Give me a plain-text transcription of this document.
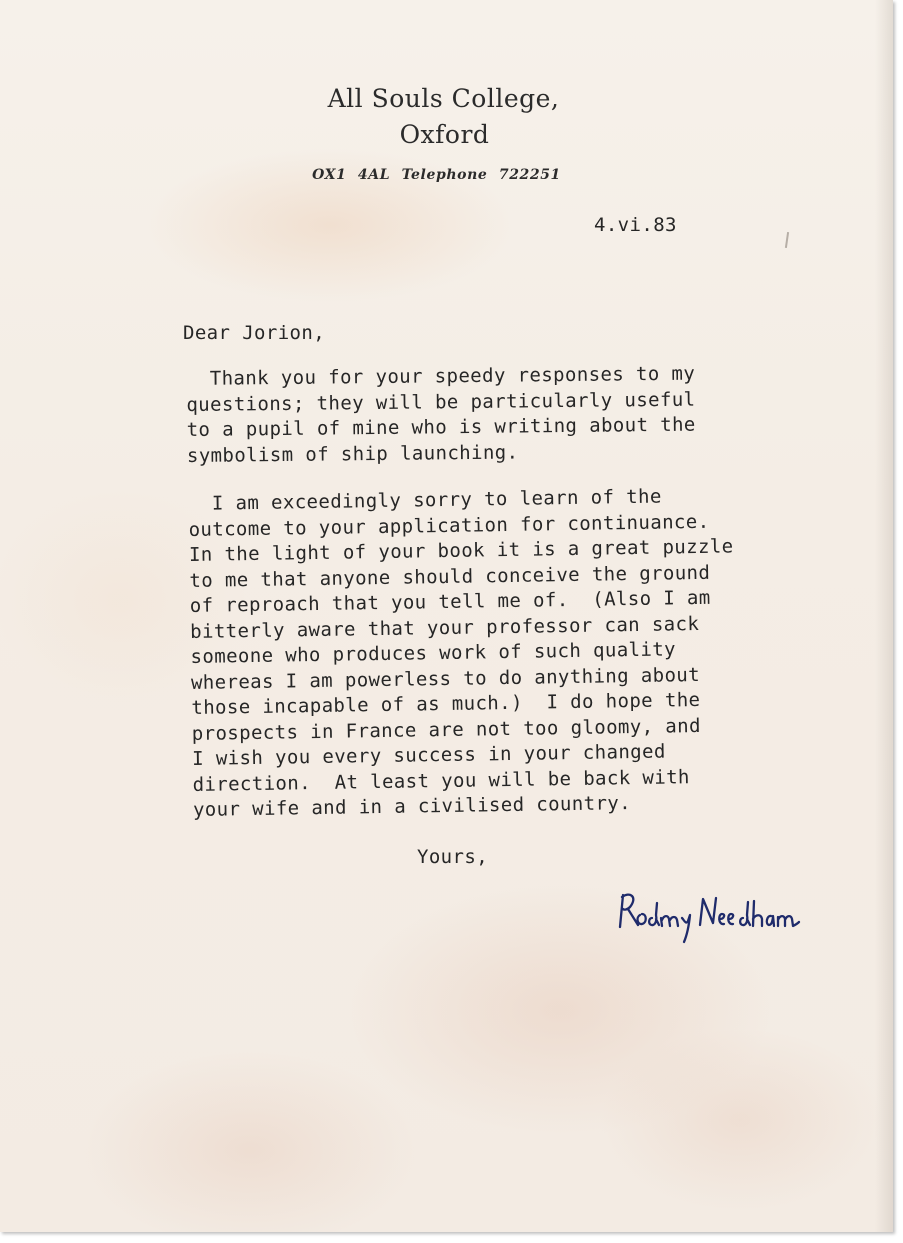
All Souls College,
Oxford
OX1 4AL Telephone 722251
4.vi.83
Dear Jorion,
Thank you for your speedy responses to my
questions; they will be particularly useful
to a pupil of mine who is writing about the
symbolism of ship launching.
I am exceedingly sorry to learn of the
outcome to your application for continuance.
In the light of your book it is a great puzzle
to me that anyone should conceive the ground
of reproach that you tell me of.  (Also I am
bitterly aware that your professor can sack
someone who produces work of such quality
whereas I am powerless to do anything about
those incapable of as much.)  I do hope the
prospects in France are not too gloomy, and
I wish you every success in your changed
direction.  At least you will be back with
your wife and in a civilised country.
Yours,
